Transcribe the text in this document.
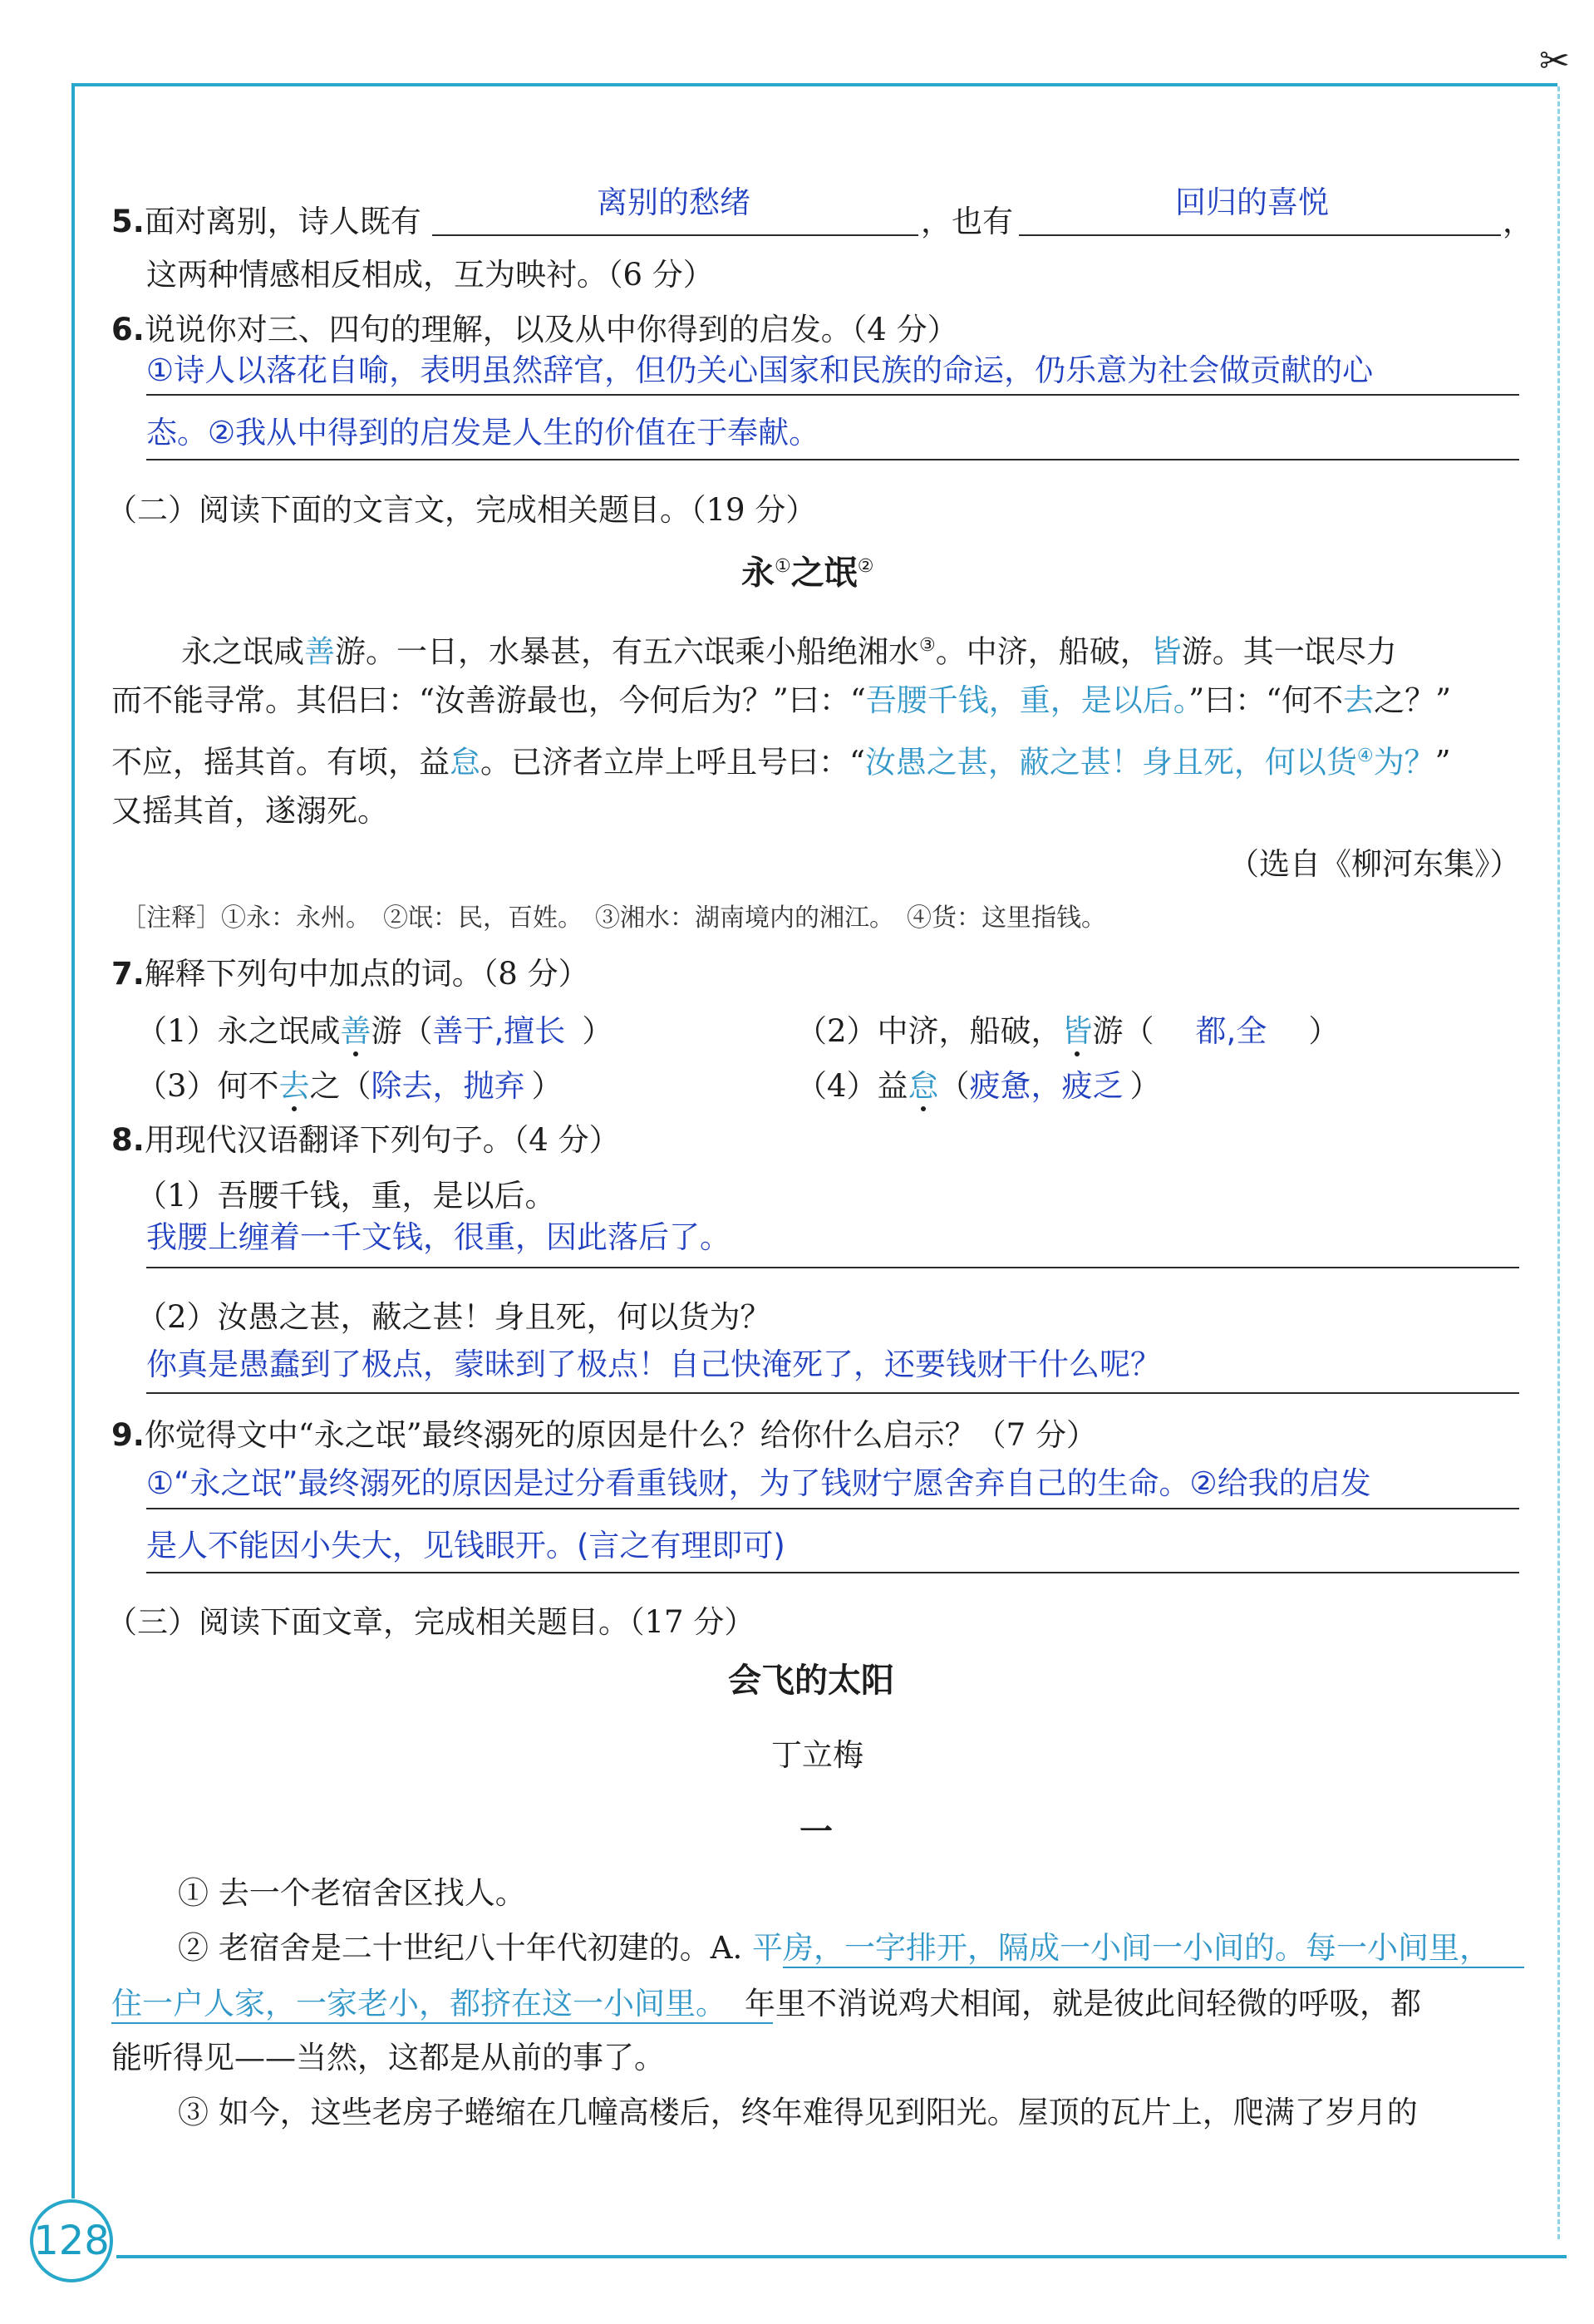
✂
128
5.面对离别，诗人既有
离别的愁绪
，也有
回归的喜悦
，
这两种情感相反相成，互为映衬。（6 分）
6.说说你对三、四句的理解，以及从中你得到的启发。（4 分）
①诗人以落花自喻，表明虽然辞官，但仍关心国家和民族的命运，仍乐意为社会做贡献的心
态。②我从中得到的启发是人生的价值在于奉献。
（二）阅读下面的文言文，完成相关题目。（19 分）
永①之氓②
永之氓咸善游。一日，水暴甚，有五六氓乘小船绝湘水③。中济，船破，皆游。其一氓尽力
而不能寻常。其侣曰：“汝善游最也，今何后为？”曰：“吾腰千钱，重，是以后。”曰：“何不去之？”
不应，摇其首。有顷，益怠。已济者立岸上呼且号曰：“汝愚之甚，蔽之甚！身且死，何以货④为？”
又摇其首，遂溺死。
（选自《柳河东集》）
［注释］①永：永州。　②氓：民，百姓。　③湘水：湖南境内的湘江。　④货：这里指钱。
7.解释下列句中加点的词。（8 分）
（1）永之氓咸善游（善于,擅长 ）	（2）中济，船破，皆游（ 都,全 ）
（3）何不去之（除去，抛弃 ）	（4）益怠（疲惫，疲乏 ）
8.用现代汉语翻译下列句子。（4 分）
（1）吾腰千钱，重，是以后。
我腰上缠着一千文钱，很重，因此落后了。
（2）汝愚之甚，蔽之甚！身且死，何以货为？
你真是愚蠢到了极点，蒙昧到了极点！自己快淹死了，还要钱财干什么呢？
9.你觉得文中“永之氓”最终溺死的原因是什么？给你什么启示？（7 分）
①“永之氓”最终溺死的原因是过分看重钱财，为了钱财宁愿舍弃自己的生命。②给我的启发
是人不能因小失大，见钱眼开。(言之有理即可)
（三）阅读下面文章，完成相关题目。（17 分）
会飞的太阳
丁立梅
一
① 去一个老宿舍区找人。
② 老宿舍是二十世纪八十年代初建的。A. 平房，一字排开，隔成一小间一小间的。每一小间里，
住一户人家，一家老小，都挤在这一小间里。 年里不消说鸡犬相闻，就是彼此间轻微的呼吸，都
能听得见——当然，这都是从前的事了。
③ 如今，这些老房子蜷缩在几幢高楼后，终年难得见到阳光。屋顶的瓦片上，爬满了岁月的
